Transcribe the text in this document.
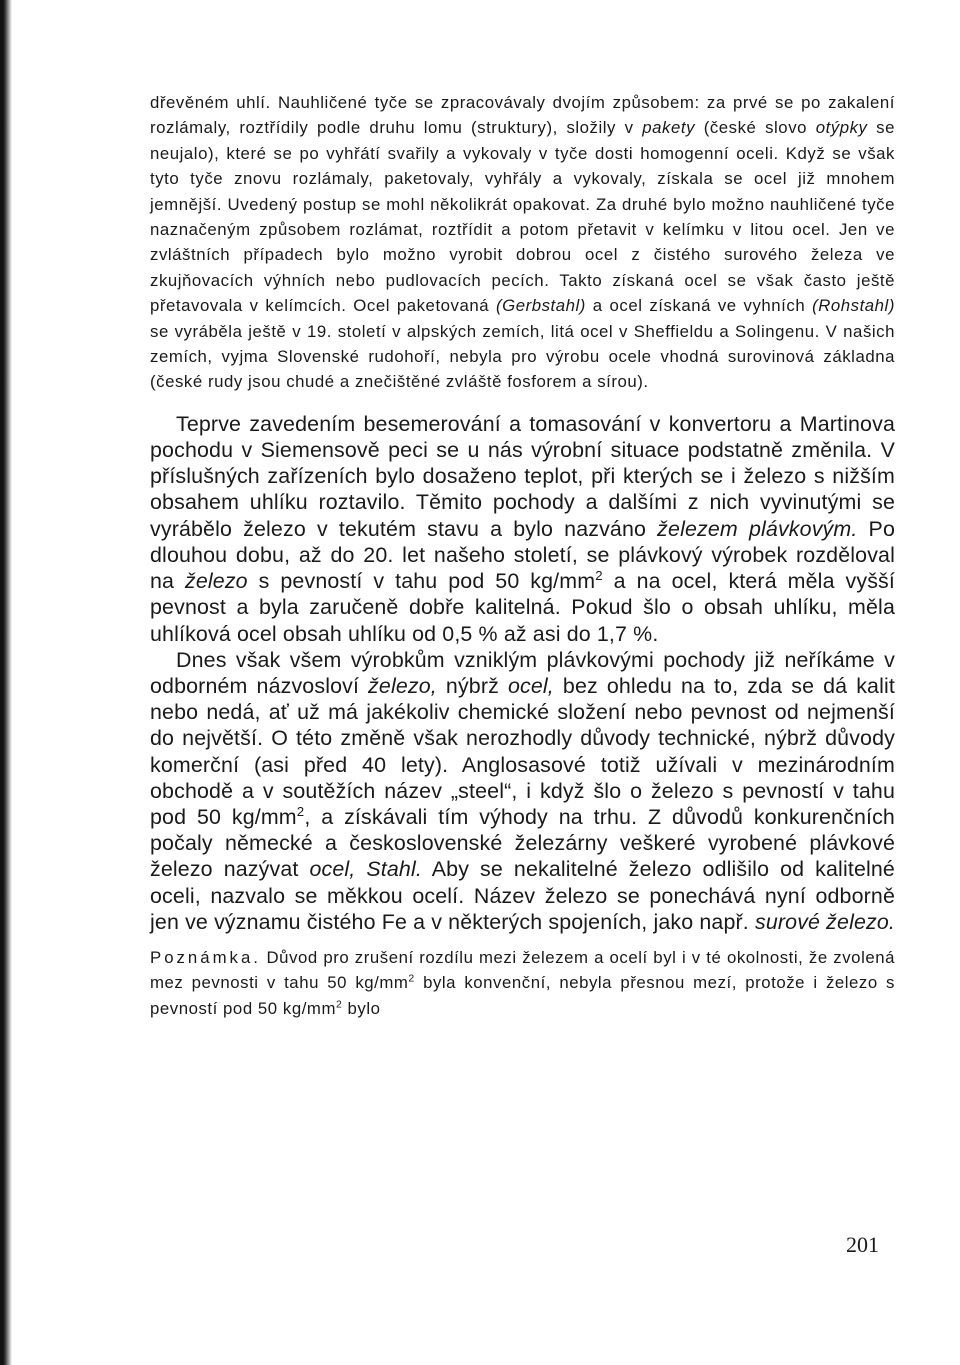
dřevěném uhlí. Nauhličené tyče se zpracovávaly dvojím způsobem: za prvé se po zakalení rozlámaly, roztřídily podle druhu lomu (struktury), složily v pakety (české slovo otýpky se neujalo), které se po vyhřátí svařily a vykovaly v tyče dosti homogenní oceli. Když se však tyto tyče znovu rozlámaly, paketovaly, vyhřály a vykovaly, získala se ocel již mnohem jemnější. Uvedený postup se mohl několikrát opakovat. Za druhé bylo možno nauhličené tyče naznačeným způsobem rozlámat, roztřídit a potom přetavit v kelímku v litou ocel. Jen ve zvláštních případech bylo možno vyrobit dobrou ocel z čistého surového železa ve zkujňovacích výhních nebo pudlovacích pecích. Takto získaná ocel se však často ještě přetavovala v kelímcích. Ocel paketovaná (Gerbstahl) a ocel získaná ve vyhních (Rohstahl) se vyráběla ještě v 19. století v alpských zemích, litá ocel v Sheffieldu a Solingenu. V našich zemích, vyjma Slovenské rudohoří, nebyla pro výrobu ocele vhodná surovinová základna (české rudy jsou chudé a znečištěné zvláště fosforem a sírou).

Teprve zavedením besemerování a tomasování v konvertoru a Martinova pochodu v Siemensově peci se u nás výrobní situace podstatně změnila. V příslušných zařízeních bylo dosaženo teplot, při kterých se i železo s nižším obsahem uhlíku roztavilo. Těmito pochody a dalšími z nich vyvinutými se vyrábělo železo v tekutém stavu a bylo nazváno železem plávkovým. Po dlouhou dobu, až do 20. let našeho století, se plávkový výrobek rozděloval na železo s pevností v tahu pod 50 $kg/mm^2$ a na ocel, která měla vyšší pevnost a byla zaručeně dobře kalitelná. Pokud šlo o obsah uhlíku, měla uhlíková ocel obsah uhlíku od 0,5 % až asi do 1,7 %.

Dnes však všem výrobkům vzniklým plávkovými pochody již neříkáme v odborném názvosloví železo, nýbrž ocel, bez ohledu na to, zda se dá kalit nebo nedá, ať už má jakékoliv chemické složení nebo pevnost od nejmenší do největší. O této změně však nerozhodly důvody technické, nýbrž důvody komerční (asi před 40 lety). Anglosasové totiž užívali v mezinárodním obchodě a v soutěžích název „steel“, i když šlo o železo s pevností v tahu pod 50 $kg/mm^2$, a získávali tím výhody na trhu. Z důvodů konkurenčních počaly německé a československé železárny veškeré vyrobené plávkové železo nazývat ocel, Stahl. Aby se nekalitelné železo odlišilo od kalitelné oceli, nazvalo se měkkou ocelí. Název železo se ponechává nyní odborně jen ve významu čistého Fe a v některých spojeních, jako např. surové železo.

Poznámka. Důvod pro zrušení rozdílu mezi železem a ocelí byl i v té okolnosti, že zvolená mez pevnosti v tahu 50 $kg/mm^2$ byla konvenční, nebyla přesnou mezí, protože i železo s pevností pod 50 $kg/mm^2$ bylo

201
